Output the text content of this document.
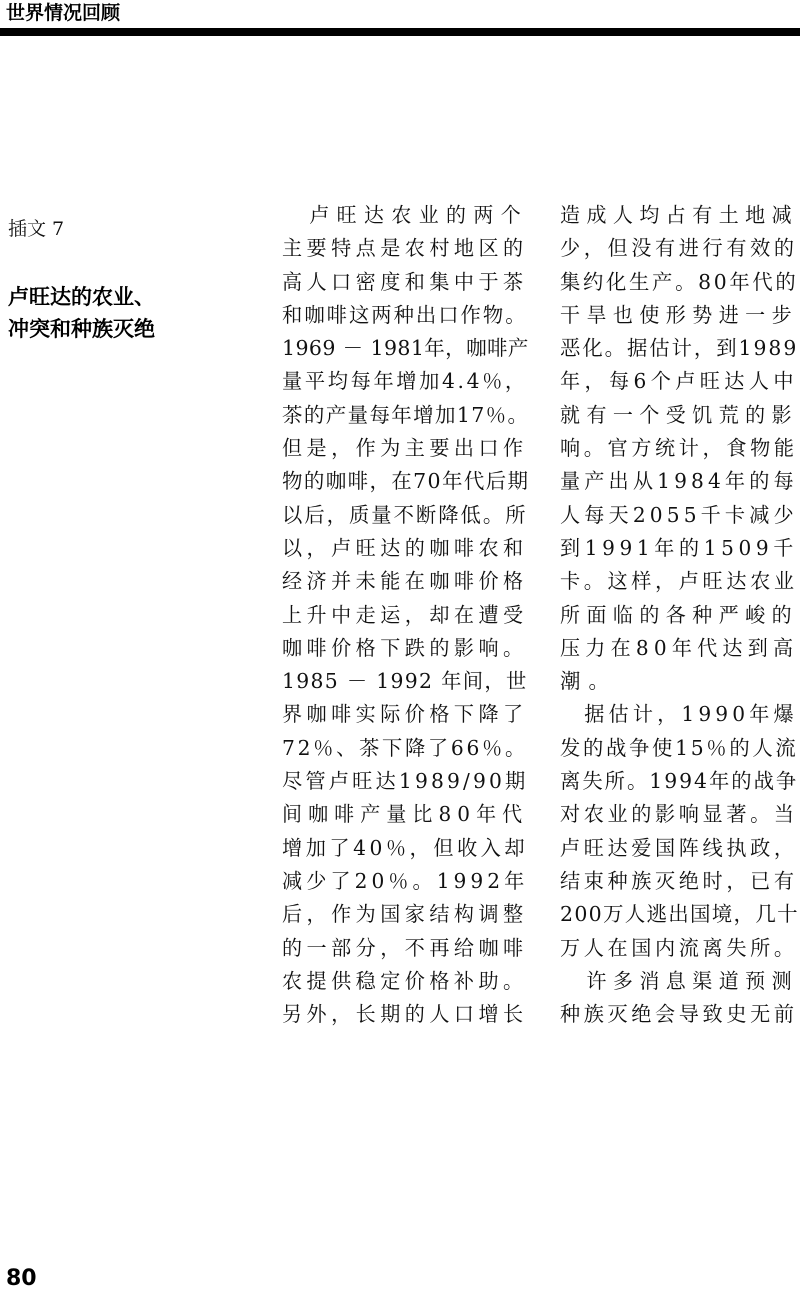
世界情况回顾
插文 7
卢旺达的农业、
冲突和种族灭绝
　卢旺达农业的两个
主要特点是农村地区的
高人口密度和集中于茶
和咖啡这两种出口作物。
1969 － 1981年，咖啡产
量平均每年增加4.4％，
茶的产量每年增加17％。
但是，作为主要出口作
物的咖啡，在70年代后期
以后，质量不断降低。所
以，卢旺达的咖啡农和
经济并未能在咖啡价格
上升中走运，却在遭受
咖啡价格下跌的影响。
1985 － 1992 年间，世
界咖啡实际价格下降了
72％、茶下降了66％。
尽管卢旺达1989/90期
间咖啡产量比80年代
增加了40％，但收入却
减少了20％。1992年
后，作为国家结构调整
的一部分，不再给咖啡
农提供稳定价格补助。
另外，长期的人口增长
造成人均占有土地减
少，但没有进行有效的
集约化生产。80年代的
干旱也使形势进一步
恶化。据估计，到1989
年，每6个卢旺达人中
就有一个受饥荒的影
响。官方统计，食物能
量产出从1984年的每
人每天2055千卡减少
到1991年的1509千
卡。这样，卢旺达农业
所面临的各种严峻的
压力在80年代达到高
潮。
　据估计，1990年爆
发的战争使15％的人流
离失所。1994年的战争
对农业的影响显著。当
卢旺达爱国阵线执政，
结束种族灭绝时，已有
200万人逃出国境，几十
万人在国内流离失所。
　许多消息渠道预测
种族灭绝会导致史无前
80
